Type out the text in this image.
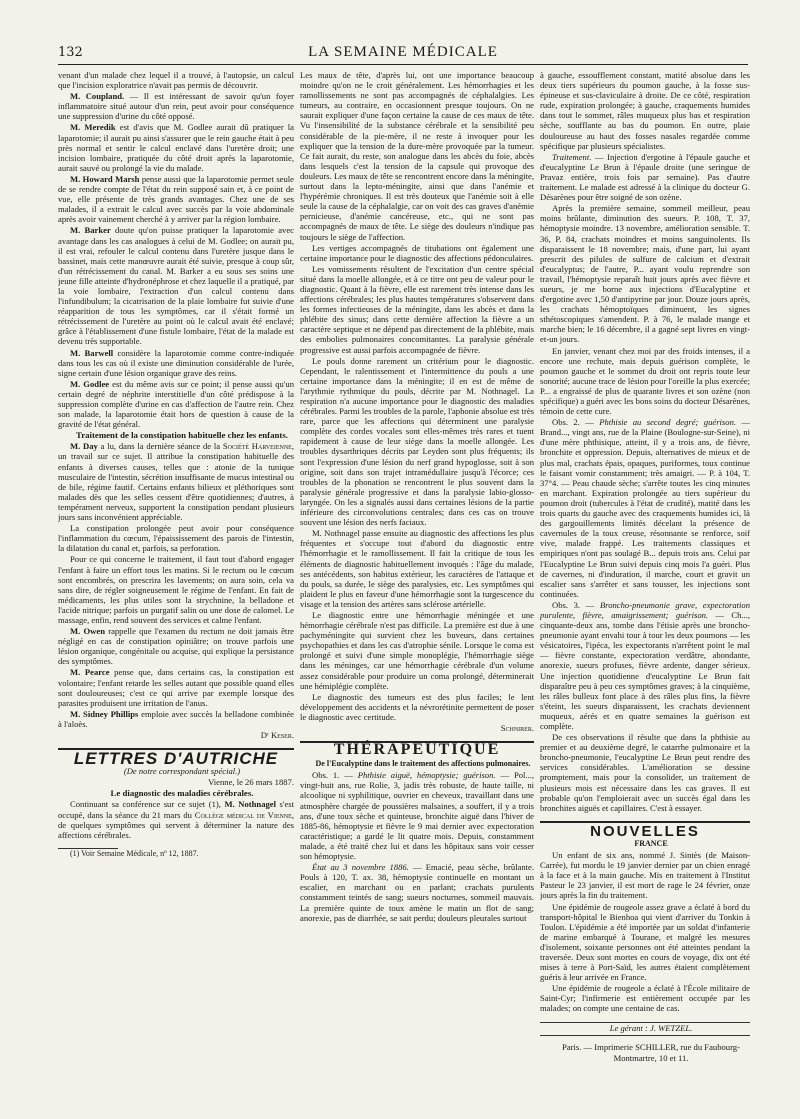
132	LA SEMAINE MÉDICALE

venant d'un malade chez lequel il a trouvé, à l'autopsie, un calcul que l'incision exploratrice n'avait pas permis de découvrir.

M. Coupland. — Il est intéressant de savoir qu'un foyer inflammatoire situé autour d'un rein, peut avoir pour conséquence une suppression d'urine du côté opposé.

M. Meredik est d'avis que M. Godlee aurait dû pratiquer la laparotomie; il aurait pu ainsi s'assurer que le rein gauche était à peu près normal et sentir le calcul enclavé dans l'uretère droit; une incision lombaire, pratiquée du côté droit après la laparotomie, aurait sauvé ou prolongé la vie du malade.

M. Howard Marsh pense aussi que la laparotomie permet seule de se rendre compte de l'état du rein supposé sain et, à ce point de vue, elle présente de très grands avantages. Chez une de ses malades, il a extrait le calcul avec succès par la voie abdominale après avoir vainement cherché à y arriver par la région lombaire.

M. Barker doute qu'on puisse pratiquer la laparotomie avec avantage dans les cas analogues à celui de M. Godlee; on aurait pu, il est vrai, refouler le calcul contenu dans l'uretère jusque dans le bassinet, mais cette manœuvre aurait été suivie, presque à coup sûr, d'un rétrécissement du canal. M. Barker a eu sous ses soins une jeune fille atteinte d'hydronéphrose et chez laquelle il a pratiqué, par la voie lombaire, l'extraction d'un calcul contenu dans l'infundibulum; la cicatrisation de la plaie lombaire fut suivie d'une réapparition de tous les symptômes, car il s'était formé un rétrécissement de l'uretère au point où le calcul avait été enclavé; grâce à l'établissement d'une fistule lombaire, l'état de la malade est devenu très supportable.

M. Barwell considère la laparotomie comme contre-indiquée dans tous les cas où il existe une diminution considérable de l'urée, signe certain d'une lésion organique grave des reins.

M. Godlee est du même avis sur ce point; il pense aussi qu'un certain degré de néphrite interstitielle d'un côté prédispose à la suppression complète d'urine en cas d'affection de l'autre rein. Chez son malade, la laparotomie était hors de question à cause de la gravité de l'état général.

Traitement de la constipation habituelle chez les enfants.

M. Day a lu, dans la dernière séance de la Société Harveienne, un travail sur ce sujet. Il attribue la constipation habituelle des enfants à diverses causes, telles que : atonie de la tunique musculaire de l'intestin, sécrétion insuffisante de mucus intestinal ou de bile, régime fautif. Certains enfants bilieux et pléthoriques sont malades dès que les selles cessent d'être quotidiennes; d'autres, à tempérament nerveux, supportent la constipation pendant plusieurs jours sans inconvénient appréciable.

La constipation prolongée peut avoir pour conséquence l'inflammation du cœcum, l'épaississement des parois de l'intestin, la dilatation du canal et, parfois, sa perforation.

Pour ce qui concerne le traitement, il faut tout d'abord engager l'enfant à faire un effort tous les matins. Si le rectum ou le cœcum sont encombrés, on prescrira les lavements; on aura soin, cela va sans dire, de régler soigneusement le régime de l'enfant. En fait de médicaments, les plus utiles sont la strychnine, la belladone et l'acide nitrique; parfois un purgatif salin ou une dose de calomel. Le massage, enfin, rend souvent des services et calme l'enfant.

M. Owen rappelle que l'examen du rectum ne doit jamais être négligé en cas de constipation opiniâtre; on trouve parfois une lésion organique, congénitale ou acquise, qui explique la persistance des symptômes.

M. Pearce pense que, dans certains cas, la constipation est volontaire; l'enfant retarde les selles autant que possible quand elles sont douloureuses; c'est ce qui arrive par exemple lorsque des parasites produisent une irritation de l'anus.

M. Sidney Phillips emploie avec succès la belladone combinée à l'aloès.

Dʳ Keser.

LETTRES D'AUTRICHE

(De notre correspondant spécial.)

Vienne, le 26 mars 1887.

Le diagnostic des maladies cérébrales.

Continuant sa conférence sur ce sujet (1), M. Nothnagel s'est occupé, dans la séance du 21 mars du Collège médical de Vienne, de quelques symptômes qui servent à déterminer la nature des affections cérébrales.

(1) Voir Semaine Médicale, nº 12, 1887.

Les maux de tête, d'après lui, ont une importance beaucoup moindre qu'on ne le croit généralement. Les hémorrhagies et les ramollissements ne sont pas accompagnés de céphalalgies. Les tumeurs, au contraire, en occasionnent presque toujours. On ne saurait expliquer d'une façon certaine la cause de ces maux de tête. Vu l'insensibilité de la substance cérébrale et la sensibilité peu considérable de la pie-mère, il ne reste à invoquer pour les expliquer que la tension de la dure-mère provoquée par la tumeur. Ce fait aurait, du reste, son analogue dans les abcès du foie, abcès dans lesquels c'est la tension de la capsule qui provoque des douleurs. Les maux de tête se rencontrent encore dans la méningite, surtout dans la lepto-méningite, ainsi que dans l'anémie et l'hypérémie chroniques. Il est très douteux que l'anémie soit à elle seule la cause de la céphalalgie, car on voit des cas graves d'anémie pernicieuse, d'anémie cancéreuse, etc., qui ne sont pas accompagnés de maux de tête. Le siège des douleurs n'indique pas toujours le siège de l'affection.

Les vertiges accompagnés de titubations ont également une certaine importance pour le diagnostic des affections pédonculaires.

Les vomissements résultent de l'excitation d'un centre spécial situé dans la moelle allongée, et à ce titre ont peu de valeur pour le diagnostic. Quant à la fièvre, elle est rarement très intense dans les affections cérébrales; les plus hautes températures s'observent dans les formes infectieuses de la méningite, dans les abcès et dans la phlébite des sinus; dans cette dernière affection la fièvre a un caractère septique et ne dépend pas directement de la phlébite, mais des embolies pulmonaires concomitantes. La paralysie générale progressive est aussi parfois accompagnée de fièvre.

Le pouls donne rarement un critérium pour le diagnostic. Cependant, le ralentissement et l'intermittence du pouls a une certaine importance dans la méningite; il en est de même de l'arythmie rythmique du pouls, décrite par M. Nothnagel. La respiration n'a aucune importance pour le diagnostic des maladies cérébrales. Parmi les troubles de la parole, l'aphonie absolue est très rare, parce que les affections qui déterminent une paralysie complète des cordes vocales sont elles-mêmes très rares et tuent rapidement à cause de leur siège dans la moelle allongée. Les troubles dysarthriques décrits par Leyden sont plus fréquents; ils sont l'expression d'une lésion du nerf grand hypoglosse, soit à son origine, soit dans son trajet intramédullaire jusqu'à l'écorce; ces troubles de la phonation se rencontrent le plus souvent dans la paralysie générale progressive et dans la paralysie labio-glosso-laryngée. On les a signalés aussi dans certaines lésions de la partie inférieure des circonvolutions centrales; dans ces cas on trouve souvent une lésion des nerfs faciaux.

M. Nothnagel passe ensuite au diagnostic des affections les plus fréquentes et s'occupe tout d'abord du diagnostic entre l'hémorrhagie et le ramollissement. Il fait la critique de tous les éléments de diagnostic habituellement invoqués : l'âge du malade, ses antécédents, son habitus extérieur, les caractères de l'attaque et du pouls, sa durée, le siège des paralysies, etc. Les symptômes qui plaident le plus en faveur d'une hémorrhagie sont la turgescence du visage et la tension des artères sans sclérose artérielle.

Le diagnostic entre une hémorrhagie méningée et une hémorrhagie cérébrale n'est pas difficile. La première est due à une pachyméningite qui survient chez les buveurs, dans certaines psychopathies et dans les cas d'atrophie sénile. Lorsque le coma est prolongé et suivi d'une simple monoplégie, l'hémorrhagie siège dans les méninges, car une hémorrhagie cérébrale d'un volume assez considérable pour produire un coma prolongé, déterminerait une hémiplégie complète.

Le diagnostic des tumeurs est des plus faciles; le lent développement des accidents et la névrorétinite permettent de poser le diagnostic avec certitude.

Schnirer.

THÉRAPEUTIQUE

De l'Eucalyptine dans le traitement des affections pulmonaires.

Obs. 1. — Phthisie aiguë, hémoptysie; guérison. — Pol..., vingt-huit ans, rue Rolie, 3, jadis très robuste, de haute taille, ni alcoolique ni syphilitique, ouvrier en cheveux, travaillant dans une atmosphère chargée de poussières malsaines, a souffert, il y a trois ans, d'une toux sèche et quinteuse, bronchite aiguë dans l'hiver de 1885-86, hémoptysie et fièvre le 9 mai dernier avec expectoration caractéristique; a gardé le lit quatre mois. Depuis, constamment malade, a été traité chez lui et dans les hôpitaux sans voir cesser son hémoptysie.

État au 3 novembre 1886. — Emacié, peau sèche, brûlante. Pouls à 120, T. ax. 38, hémoptysie continuelle en montant un escalier, en marchant ou en parlant; crachats purulents constamment teintés de sang; sueurs nocturnes, sommeil mauvais. La première quinte de toux amène le matin un flot de sang; anorexie, pas de diarrhée, se sait perdu; douleurs pleurales surtout

à gauche, essoufflement constant, matité absolue dans les deux tiers supérieurs du poumon gauche, à la fosse sus-épineuse et sus-claviculaire à droite. De ce côté, respiration rude, expiration prolongée; à gauche, craquements humides dans tout le sommet, râles muqueux plus bas et respiration sèche, soufflante au bas du poumon. En outre, plaie douloureuse au haut des fosses nasales regardée comme spécifique par plusieurs spécialistes.

Traitement. — Injection d'ergotine à l'épaule gauche et d'eucalyptine Le Brun à l'épaule droite (une seringue de Pravaz entière, trois fois par semaine). Pas d'autre traitement. Le malade est adressé à la clinique du docteur G. Désarènes pour être soigné de son ozène.

Après la première semaine, sommeil meilleur, peau moins brûlante, diminution des sueurs. P. 108, T. 37, hémoptysie moindre. 13 novembre, amélioration sensible. T. 36, P. 84, crachats moindres et moins sanguinolents. Ils disparaissent le 18 novembre; mais, d'une part, lui ayant prescrit des pilules de sulfure de calcium et d'extrait d'eucalyptus; de l'autre, P... ayant voulu reprendre son travail, l'hémoptysie reparaît huit jours après avec fièvre et sueurs, je me borne aux injections d'Eucalyptine et d'ergotine avec 1,50 d'antipyrine par jour. Douze jours après, les crachats hémoptoïques diminuent, les signes sthétoscopiques s'amendent. P. à 76, le malade mange et marche bien; le 16 décembre, il a gagné sept livres en vingt-et-un jours.

En janvier, venant chez moi par des froids intenses, il a encore une rechute, mais depuis guérison complète, le poumon gauche et le sommet du droit ont repris toute leur sonorité; aucune trace de lésion pour l'oreille la plus exercée; P... a engraissé de plus de quarante livres et son ozène (non spécifique) a guéri avec les bons soins du docteur Désarènes, témoin de cette cure.

Obs. 2. — Phthisie au second degré; guérison. — Brand..., vingt ans, rue de la Plaine (Boulogne-sur-Seine), ni d'une mère phthisique, atteint, il y a trois ans, de fièvre, bronchite et oppression. Depuis, alternatives de mieux et de plus mal, crachats épais, opaques, puriformes, toux continue le faisant vomir constamment; très amaigri. — P. à 104, T. 37°4. — Peau chaude sèche; s'arrête toutes les cinq minutes en marchant. Expiration prolongée au tiers supérieur du poumon droit (tubercules à l'état de crudité), matité dans les trois quarts du gauche avec des craquements humides ici, là des gargouillements limités décelant la présence de cavernules de la toux creuse, résonnante se renforce, soif vive, malade frappé. Les traitements classiques et empiriques n'ont pas soulagé B... depuis trois ans. Celui par l'Eucalyptine Le Brun suivi depuis cinq mois l'a guéri. Plus de cavernes, ni d'induration, il marche, court et gravit un escalier sans s'arrêter et sans tousser, les injections sont continuées.

Obs. 3. — Broncho-pneumonie grave, expectoration purulente, fièvre, amaigrissement; guérison. — Ch..., cinquante-deux ans, tombe dans l'étisie après une broncho-pneumonie ayant envahi tour à tour les deux poumons — les vésicatoires, l'ipéca, les expectorants n'arrêtent point le mal — fièvre constante, expectoration verdâtre, abondante, anorexie, sueurs profuses, fièvre ardente, danger sérieux. Une injection quotidienne d'eucalyptine Le Brun fait disparaître peu à peu ces symptômes graves; à la cinquième, les râles bulleux font place à des râles plus fins, la fièvre s'éteint, les sueurs disparaissent, les crachats deviennent muqueux, aérés et en quatre semaines la guérison est complète.

De ces observations il résulte que dans la phthisie au premier et au deuxième degré, le catarrhe pulmonaire et la broncho-pneumonie, l'eucalyptine Le Brun peut rendre des services considérables. L'amélioration se dessine promptement, mais pour la consolider, un traitement de plusieurs mois est nécessaire dans les cas graves. Il est probable qu'on l'emploierait avec un succès égal dans les bronchites aiguës et capillaires. C'est à essayer.

NOUVELLES

FRANCE

Un enfant de six ans, nommé J. Sintès (de Maison-Carrée), fut mordu le 19 janvier dernier par un chien enragé à la face et à la main gauche. Mis en traitement à l'Institut Pasteur le 23 janvier, il est mort de rage le 24 février, onze jours après la fin du traitement.

Une épidémie de rougeole assez grave a éclaté à bord du transport-hôpital le Bienhoa qui vient d'arriver du Tonkin à Toulon. L'épidémie a été importée par un soldat d'infanterie de marine embarqué à Tourane, et malgré les mesures d'isolement, soixante personnes ont été atteintes pendant la traversée. Deux sont mortes en cours de voyage, dix ont été mises à terre à Port-Saïd, les autres étaient complètement guéris à leur arrivée en France.

Une épidémie de rougeole a éclaté à l'École militaire de Saint-Cyr; l'infirmerie est entièrement occupée par les malades; on compte une centaine de cas.

Le gérant : J. WETZEL.

Paris. — Imprimerie SCHILLER, rue du Faubourg-

Montmartre, 10 et 11.
